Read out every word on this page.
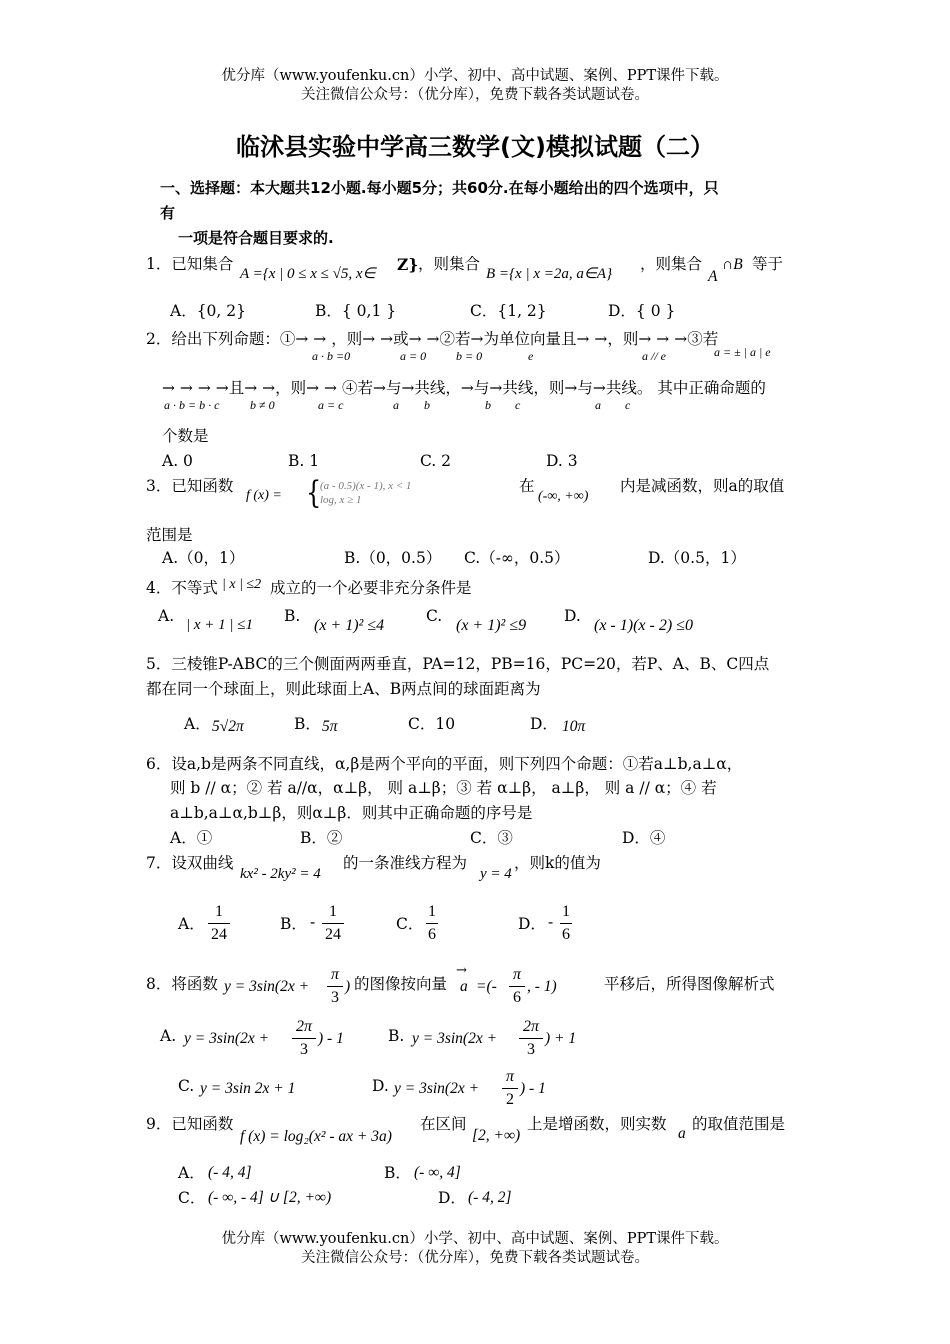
优分库（www.youfenku.cn）小学、初中、高中试题、案例、PPT课件下载。
关注微信公众号：（优分库），免费下载各类试题试卷。
临沭县实验中学高三数学(文)模拟试题（二）
一、选择题：本大题共12小题.每小题5分；共60分.在每小题给出的四个选项中，只
有
一项是符合题目要求的.
1．已知集合
A ={x | 0 ≤ x ≤ √5, x∈ Z} ，则集合
B ={x | x =2a, a∈A}
，则集合
A
∩B 等于
A．{0, 2}	B．{ 0,1 }	C．{1, 2}	D．{ 0 }
2．给出下列命题：①→ → ，则→ →或→ →②若→为单位向量且→ →，则→ → →③若
a · b =0	a = 0 b = 0	e	a // e	a = ± | a | e
→ → → →且→ →，则→ → ④若→与→共线，→与→共线，则→与→共线。 其中正确命题的
a · b = b · c	b ≠ 0	a = c	a b	b c	a c
个数是
A. 0	B. 1	C. 2	D. 3
3．已知函数
f (x) = {
(a - 0.5)(x - 1), x < 1
log, x ≥ 1
在
(-∞, +∞)
内是减函数，则a的取值
范围是
A.（0，1）	B.（0，0.5） C.（-∞，0.5）	D.（0.5，1）
4．不等式 | x | ≤2 成立的一个必要非充分条件是
A. | x + 1 | ≤1 B.
(x + 1)² ≤4
C.
(x + 1)² ≤9
D.
(x - 1)(x - 2) ≤0
5．三棱锥P-ABC的三个侧面两两垂直，PA=12，PB=16，PC=20，若P、A、B、C四点
都在同一个球面上，则此球面上A、B两点间的球面距离为
A． 5√2π	B． 5π	C．10	D． 10π
6．设a,b是两条不同直线，α,β是两个平向的平面，则下列四个命题：①若a⊥b,a⊥α，
则 b // α；② 若 a//α，α⊥β， 则 a⊥β；③ 若 α⊥β， a⊥β， 则 a // α；④ 若
a⊥b,a⊥α,b⊥β，则α⊥β．则其中正确命题的序号是
A．①	B．②	C．③	D．④
7．设双曲线
kx² - 2ky² = 4
的一条准线方程为
y = 4
，则k的值为
A．
1
24
B． -
1
24
C．
1
6
D． -
1
6
8．将函数 y = 3sin(2x +
π
3
) 的图像按向量
→
a =(-
π
6
, - 1)	平移后，所得图像解析式
A. y = 3sin(2x +
2π
3
) - 1	B. y = 3sin(2x +
2π
3
) + 1
C. y = 3sin 2x + 1	D. y = 3sin(2x +
π
2
) - 1
9．已知函数
f (x) = log₂(x² - ax + 3a)
在区间
[2, +∞)
上是增函数，则实数
a
的取值范围是
A． (- 4, 4]	B． (- ∞, 4]
C． (- ∞, - 4] ∪ [2, +∞)	D． (- 4, 2]
优分库（www.youfenku.cn）小学、初中、高中试题、案例、PPT课件下载。
关注微信公众号：（优分库），免费下载各类试题试卷。
